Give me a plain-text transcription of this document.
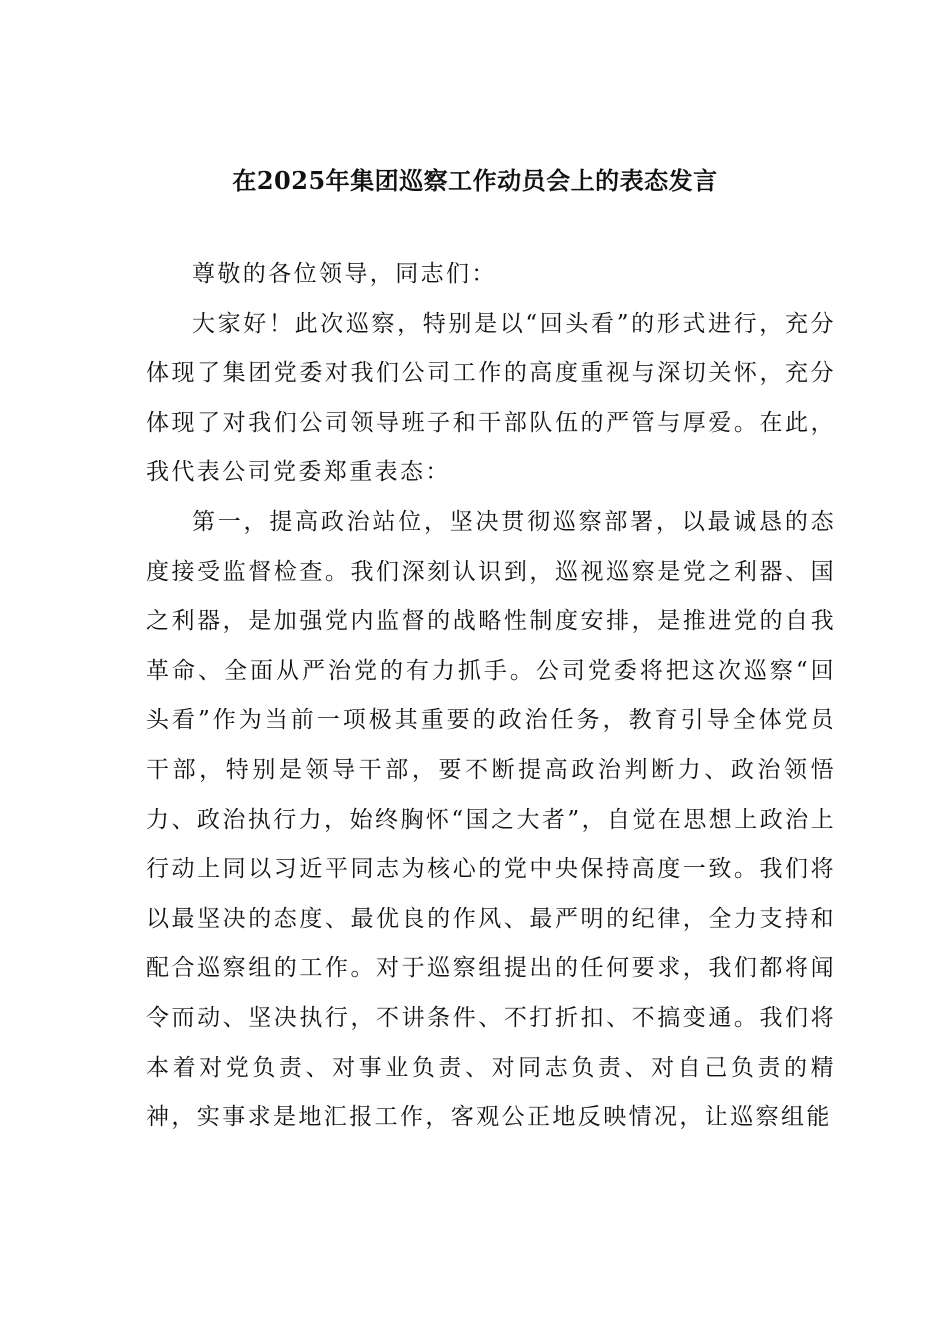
在2025年集团巡察工作动员会上的表态发言

尊敬的各位领导，同志们：

大家好！此次巡察，特别是以“回头看”的形式进行，充分体现了集团党委对我们公司工作的高度重视与深切关怀，充分体现了对我们公司领导班子和干部队伍的严管与厚爱。在此，我代表公司党委郑重表态：

第一，提高政治站位，坚决贯彻巡察部署，以最诚恳的态度接受监督检查。我们深刻认识到，巡视巡察是党之利器、国之利器，是加强党内监督的战略性制度安排，是推进党的自我革命、全面从严治党的有力抓手。公司党委将把这次巡察“回头看”作为当前一项极其重要的政治任务，教育引导全体党员干部，特别是领导干部，要不断提高政治判断力、政治领悟力、政治执行力，始终胸怀“国之大者”，自觉在思想上政治上行动上同以习近平同志为核心的党中央保持高度一致。我们将以最坚决的态度、最优良的作风、最严明的纪律，全力支持和配合巡察组的工作。对于巡察组提出的任何要求，我们都将闻令而动、坚决执行，不讲条件、不打折扣、不搞变通。我们将本着对党负责、对事业负责、对同志负责、对自己负责的精神，实事求是地汇报工作，客观公正地反映情况，让巡察组能
